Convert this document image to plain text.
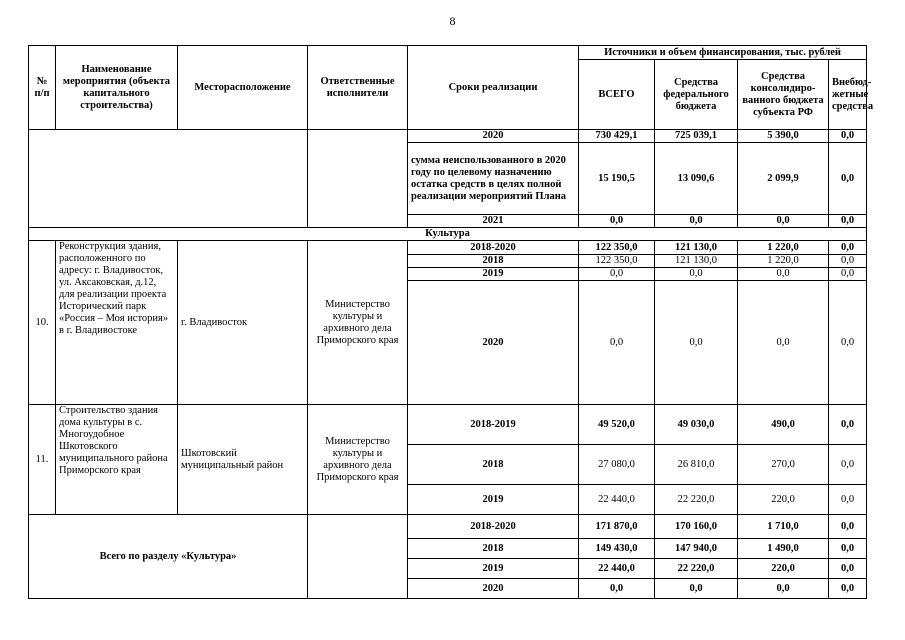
8
№ п/п	Наименование мероприятия (объекта капитального строительства)	Месторасположение	Ответственные исполнители	Сроки реализации	Источники и объем финансирования, тыс. рублей			
					ВСЕГО	Средства федерального бюджета	Средства консолидиро-ванного бюджета субъекта РФ	Внебюд-жетные средства
				2020	730 429,1	725 039,1	5 390,0	0,0
				сумма неиспользованного в 2020 году по целевому назначению остатка средств в целях полной реализации мероприятий Плана	15 190,5	13 090,6	2 099,9	0,0
				2021	0,0	0,0	0,0	0,0
Культура								
10.	Реконструкция здания, расположенного по адресу: г. Владивосток, ул. Аксаковская, д.12, для реализации проекта Исторический парк «Россия – Моя история» в г. Владивостоке	г. Владивосток	Министерство культуры и архивного дела Приморского края	2018-2020	122 350,0	121 130,0	1 220,0	0,0
				2018	122 350,0	121 130,0	1 220,0	0,0
				2019	0,0	0,0	0,0	0,0
				2020	0,0	0,0	0,0	0,0
11.	Строительство здания дома культуры в с. Многоудобное Шкотовского муниципального района Приморского края	Шкотовский муниципальный район	Министерство культуры и архивного дела Приморского края	2018-2019	49 520,0	49 030,0	490,0	0,0
				2018	27 080,0	26 810,0	270,0	0,0
				2019	22 440,0	22 220,0	220,0	0,0
Всего по разделу «Культура»				2018-2020	171 870,0	170 160,0	1 710,0	0,0
				2018	149 430,0	147 940,0	1 490,0	0,0
				2019	22 440,0	22 220,0	220,0	0,0
				2020	0,0	0,0	0,0	0,0
